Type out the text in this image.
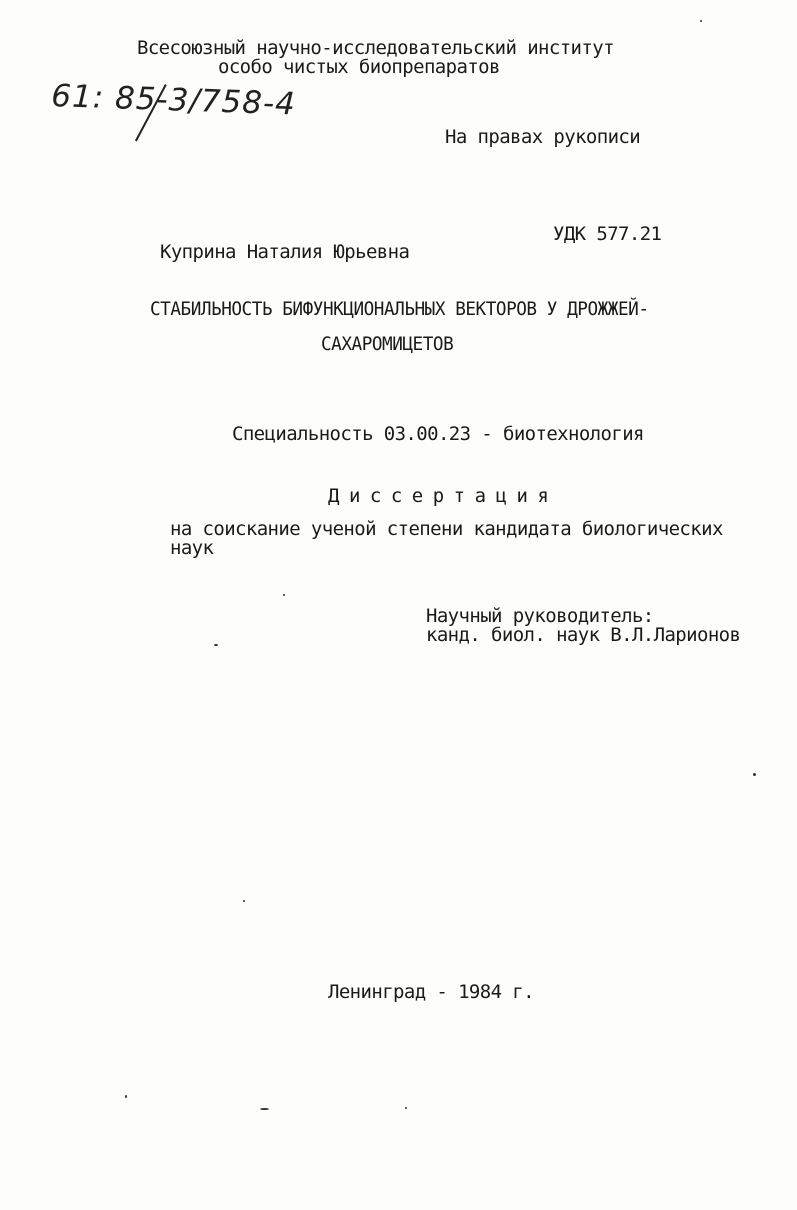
Всесоюзный научно-исследовательский институт
особо чистых биопрепаратов
61: 85-3/758-4
На правах рукописи
УДК 577.21
Куприна Наталия Юрьевна
СТАБИЛЬНОСТЬ БИФУНКЦИОНАЛЬНЫХ ВЕКТОРОВ У ДРОЖЖЕЙ-
САХАРОМИЦЕТОВ
Специальность 03.00.23 - биотехнология
Диссертация
на соискание ученой степени кандидата биологических
наук
Научный руководитель:
канд. биол. наук В.Л.Ларионов
Ленинград - 1984 г.
